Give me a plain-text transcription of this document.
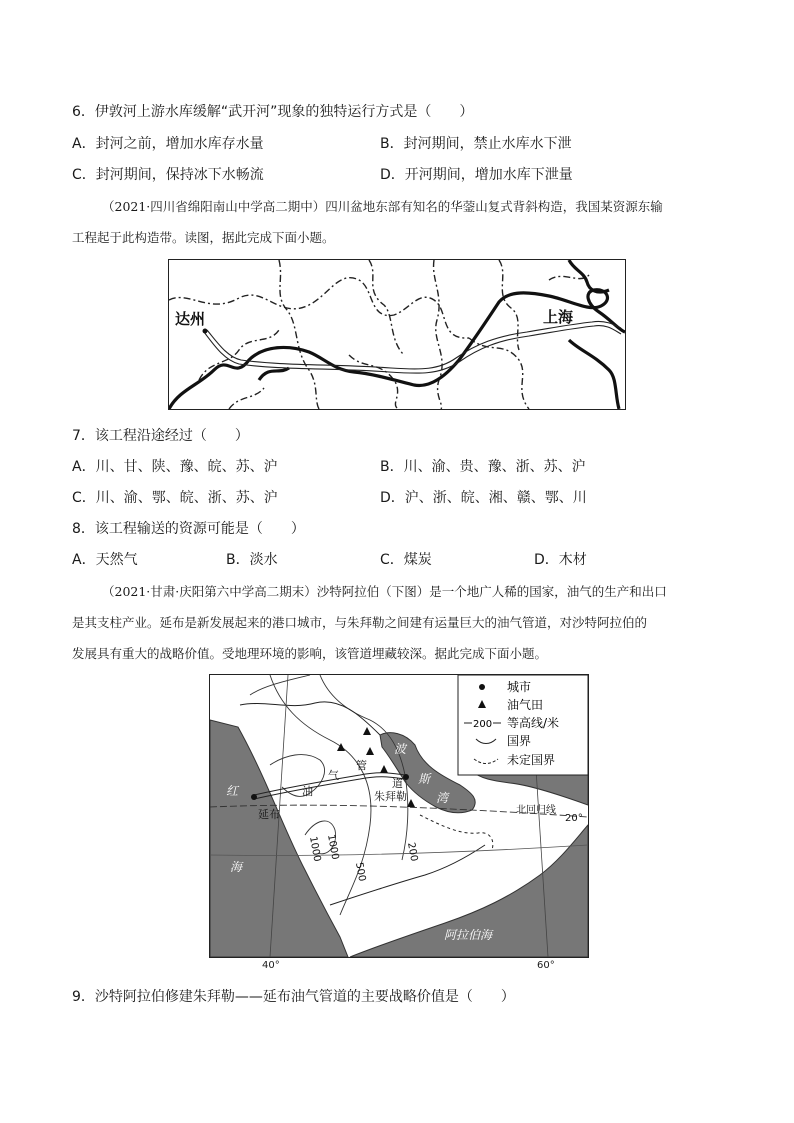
6．伊敦河上游水库缓解“武开河”现象的独特运行方式是（　　）
A．封河之前，增加水库存水量	B．封河期间，禁止水库水下泄
C．封河期间，保持冰下水畅流	D．开河期间，增加水库下泄量
（2021·四川省绵阳南山中学高二期中）四川盆地东部有知名的华蓥山复式背斜构造，我国某资源东输
工程起于此构造带。读图，据此完成下面小题。
达州	上海
7．该工程沿途经过（　　）
A．川、甘、陕、豫、皖、苏、沪	B．川、渝、贵、豫、浙、苏、沪
C．川、渝、鄂、皖、浙、苏、沪	D．沪、浙、皖、湘、赣、鄂、川
8．该工程输送的资源可能是（　　）
A．天然气	B．淡水	C．煤炭	D．木材
（2021·甘肃·庆阳第六中学高二期末）沙特阿拉伯（下图）是一个地广人稀的国家，油气的生产和出口
是其支柱产业。延布是新发展起来的港口城市，与朱拜勒之间建有运量巨大的油气管道，对沙特阿拉伯的
发展具有重大的战略价值。受地理环境的影响，该管道埋藏较深。据此完成下面小题。
城市
油气田
200 等高线/米
国界
未定国界
红
海
波
斯
湾
阿拉伯海
延布
朱拜勒
油
气
管
道
北回归线
20°
1000
1000
500
200
40°	60°
9．沙特阿拉伯修建朱拜勒——延布油气管道的主要战略价值是（　　）
